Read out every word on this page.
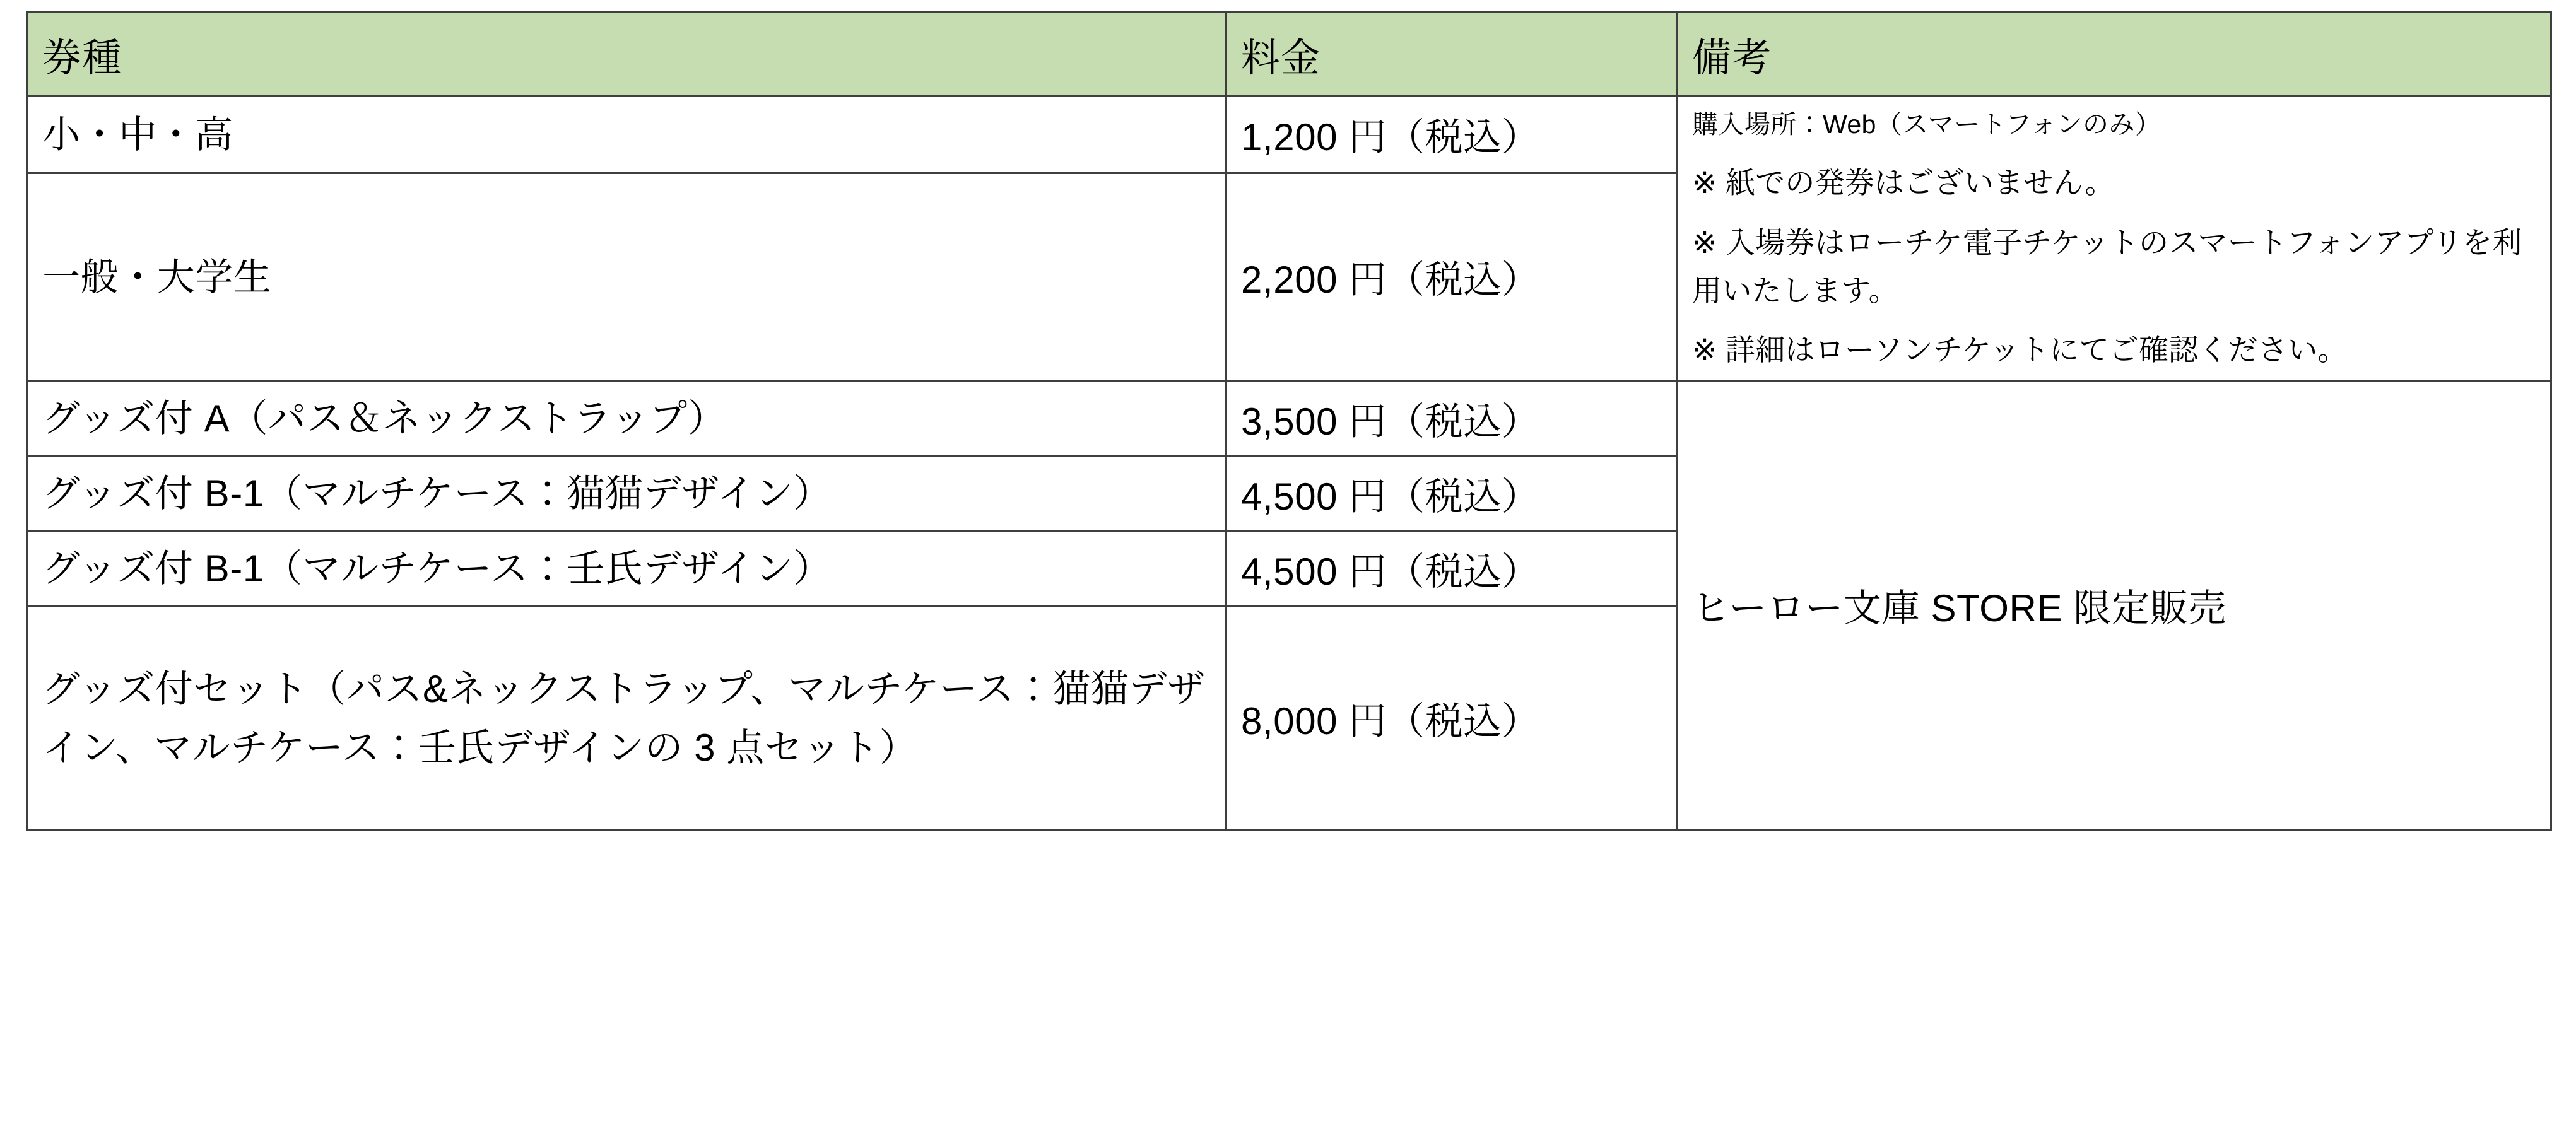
券種	料金	備考
小・中・高	1,200 円（税込）	購入場所：Web（スマートフォンのみ）
※ 紙での発券はございません。
※ 入場券はローチケ電子チケットのスマートフォンアプリを利用いたします。
※ 詳細はローソンチケットにてご確認ください。

一般・大学生	2,200 円（税込）	
グッズ付 A（パス＆ネックストラップ）	3,500 円（税込）	ヒーロー文庫 STORE 限定販売
グッズ付 B-1（マルチケース：猫猫デザイン）	4,500 円（税込）	
グッズ付 B-1（マルチケース：壬氏デザイン）	4,500 円（税込）	
グッズ付セット（パス&ネックストラップ、マルチケース：猫猫デザイン、マルチケース：壬氏デザインの 3 点セット）	8,000 円（税込）	
